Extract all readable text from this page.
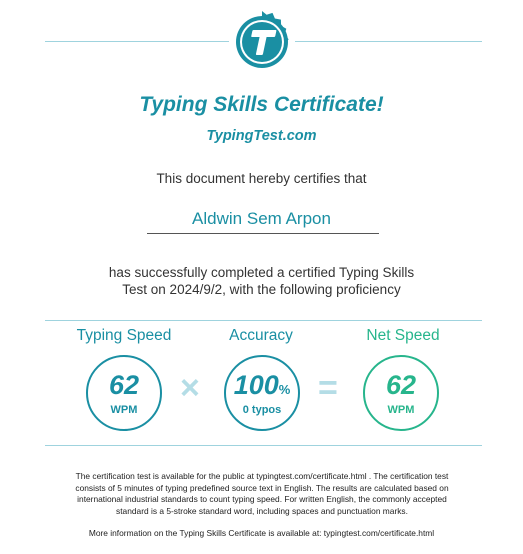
Typing Skills Certificate!
TypingTest.com
This document hereby certifies that
Aldwin Sem Arpon
has successfully completed a certified Typing Skills
Test on 2024/9/2, with the following proficiency
Typing Speed	Accuracy	Net Speed
62
WPM
× 100%
0 typos
=	62
WPM
The certification test is available for the public at typingtest.com/certificate.html . The certification test
consists of 5 minutes of typing predefined source text in English. The results are calculated based on
international industrial standards to count typing speed. For written English, the commonly accepted
standard is a 5-stroke standard word, including spaces and punctuation marks.
More information on the Typing Skills Certificate is available at: typingtest.com/certificate.html
